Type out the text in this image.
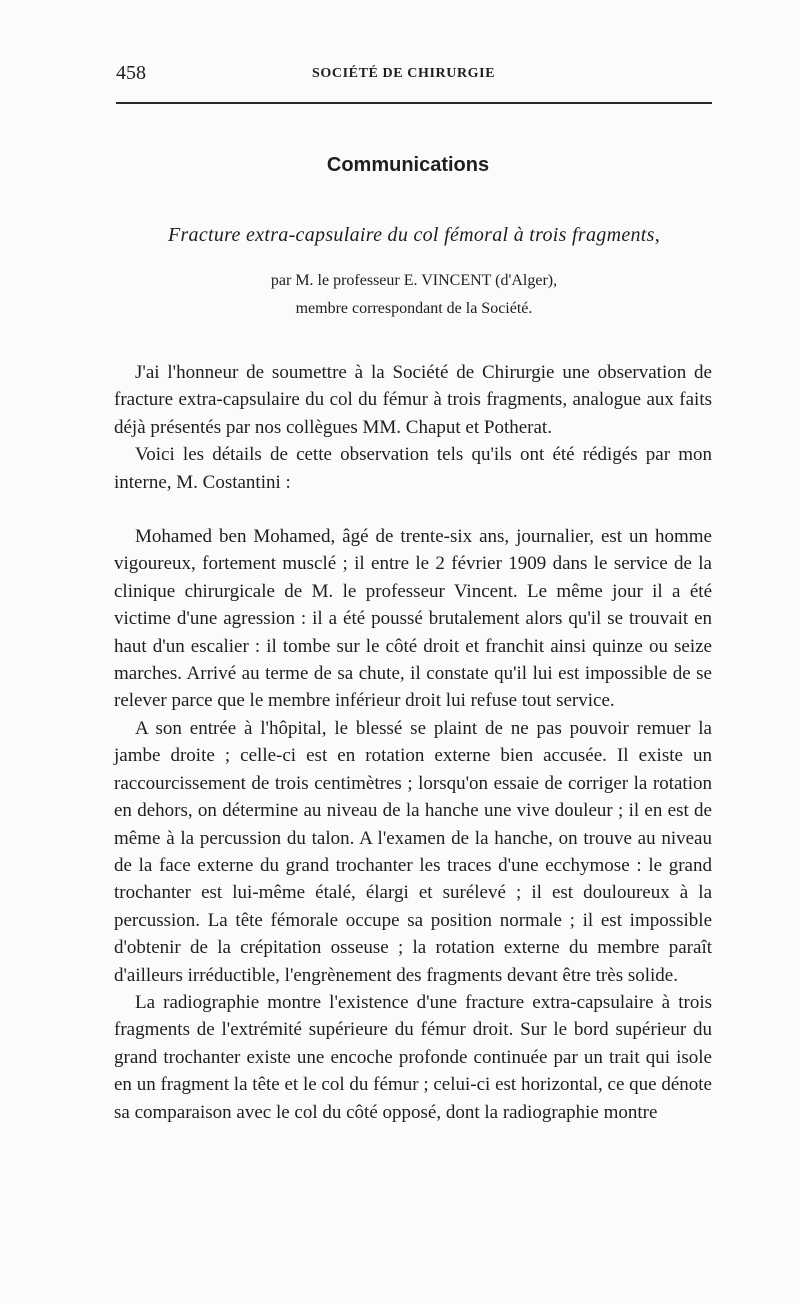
458	SOCIÉTÉ DE CHIRURGIE
Communications
Fracture extra-capsulaire du col fémoral à trois fragments,
par M. le professeur E. VINCENT (d'Alger),
membre correspondant de la Société.

J'ai l'honneur de soumettre à la Société de Chirurgie une observation de fracture extra-capsulaire du col du fémur à trois fragments, analogue aux faits déjà présentés par nos collègues MM. Chaput et Potherat.

Voici les détails de cette observation tels qu'ils ont été rédigés par mon interne, M. Costantini :

Mohamed ben Mohamed, âgé de trente-six ans, journalier, est un homme vigoureux, fortement musclé ; il entre le 2 février 1909 dans le service de la clinique chirurgicale de M. le professeur Vincent. Le même jour il a été victime d'une agression : il a été poussé brutalement alors qu'il se trouvait en haut d'un escalier : il tombe sur le côté droit et franchit ainsi quinze ou seize marches. Arrivé au terme de sa chute, il constate qu'il lui est impossible de se relever parce que le membre inférieur droit lui refuse tout service.

A son entrée à l'hôpital, le blessé se plaint de ne pas pouvoir remuer la jambe droite ; celle-ci est en rotation externe bien accusée. Il existe un raccourcissement de trois centimètres ; lorsqu'on essaie de corriger la rotation en dehors, on détermine au niveau de la hanche une vive douleur ; il en est de même à la percussion du talon. A l'examen de la hanche, on trouve au niveau de la face externe du grand trochanter les traces d'une ecchymose : le grand trochanter est lui-même étalé, élargi et surélevé ; il est douloureux à la percussion. La tête fémorale occupe sa position normale ; il est impossible d'obtenir de la crépitation osseuse ; la rotation externe du membre paraît d'ailleurs irréductible, l'engrènement des fragments devant être très solide.

La radiographie montre l'existence d'une fracture extra-capsulaire à trois fragments de l'extrémité supérieure du fémur droit. Sur le bord supérieur du grand trochanter existe une encoche profonde continuée par un trait qui isole en un fragment la tête et le col du fémur ; celui-ci est horizontal, ce que dénote sa comparaison avec le col du côté opposé, dont la radiographie montre
